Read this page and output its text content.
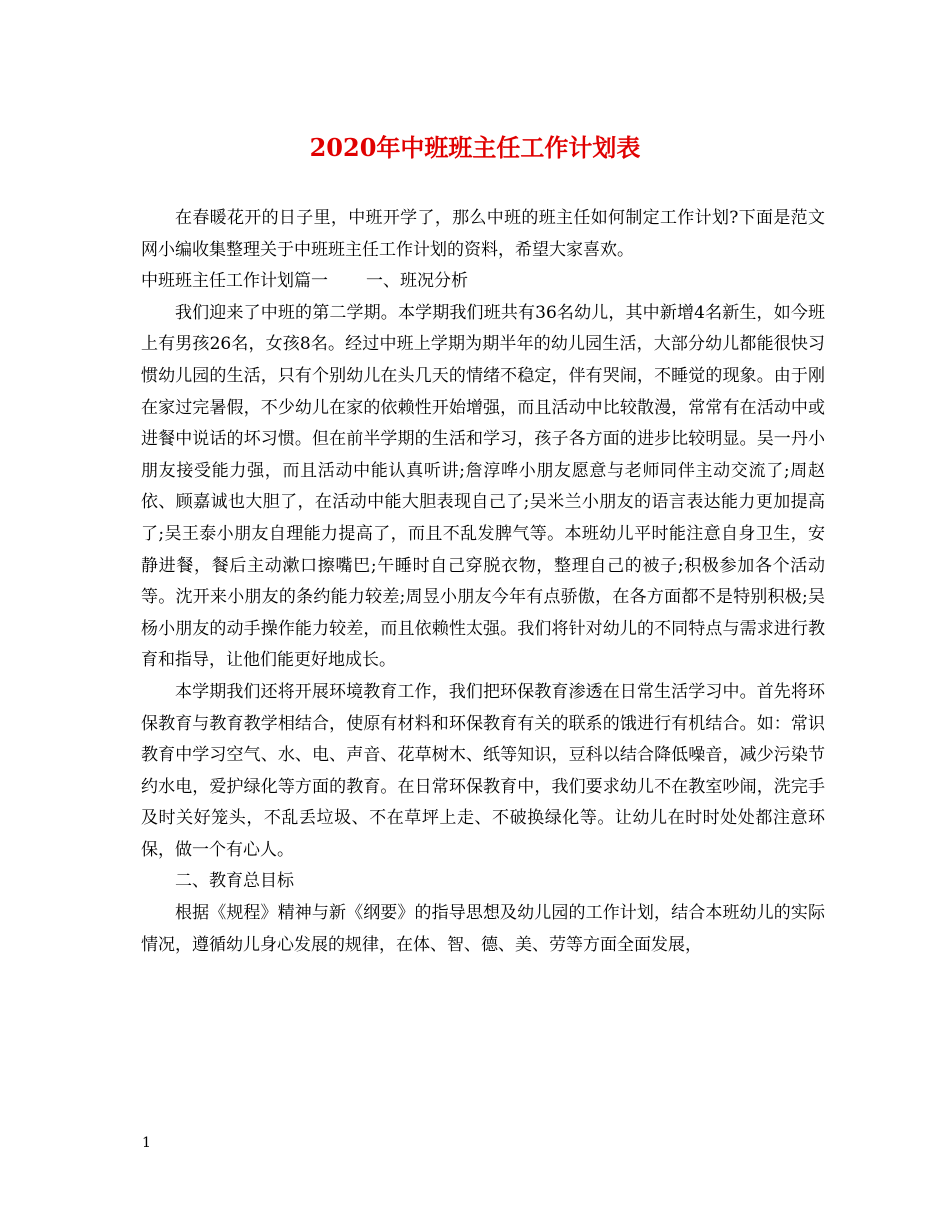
2020年中班班主任工作计划表

在春暖花开的日子里，中班开学了，那么中班的班主任如何制定工作计划?下面是范文网小编收集整理关于中班班主任工作计划的资料，希望大家喜欢。

中班班主任工作计划篇一 一、班况分析

我们迎来了中班的第二学期。本学期我们班共有36名幼儿，其中新增4名新生，如今班上有男孩26名，女孩8名。经过中班上学期为期半年的幼儿园生活，大部分幼儿都能很快习惯幼儿园的生活，只有个别幼儿在头几天的情绪不稳定，伴有哭闹，不睡觉的现象。由于刚在家过完暑假，不少幼儿在家的依赖性开始增强，而且活动中比较散漫，常常有在活动中或进餐中说话的坏习惯。但在前半学期的生活和学习，孩子各方面的进步比较明显。吴一丹小朋友接受能力强，而且活动中能认真听讲;詹淳哗小朋友愿意与老师同伴主动交流了;周赵依、顾嘉诚也大胆了，在活动中能大胆表现自己了;吴米兰小朋友的语言表达能力更加提高了;吴王泰小朋友自理能力提高了，而且不乱发脾气等。本班幼儿平时能注意自身卫生，安静进餐，餐后主动漱口擦嘴巴;午睡时自己穿脱衣物，整理自己的被子;积极参加各个活动等。沈开来小朋友的条约能力较差;周昱小朋友今年有点骄傲，在各方面都不是特别积极;吴杨小朋友的动手操作能力较差，而且依赖性太强。我们将针对幼儿的不同特点与需求进行教育和指导，让他们能更好地成长。

本学期我们还将开展环境教育工作，我们把环保教育渗透在日常生活学习中。首先将环保教育与教育教学相结合，使原有材料和环保教育有关的联系的饿进行有机结合。如：常识教育中学习空气、水、电、声音、花草树木、纸等知识，豆科以结合降低噪音，减少污染节约水电，爱护绿化等方面的教育。在日常环保教育中，我们要求幼儿不在教室吵闹，洗完手及时关好笼头，不乱丢垃圾、不在草坪上走、不破换绿化等。让幼儿在时时处处都注意环保，做一个有心人。

二、教育总目标

根据《规程》精神与新《纲要》的指导思想及幼儿园的工作计划，结合本班幼儿的实际情况，遵循幼儿身心发展的规律，在体、智、德、美、劳等方面全面发展，

1
